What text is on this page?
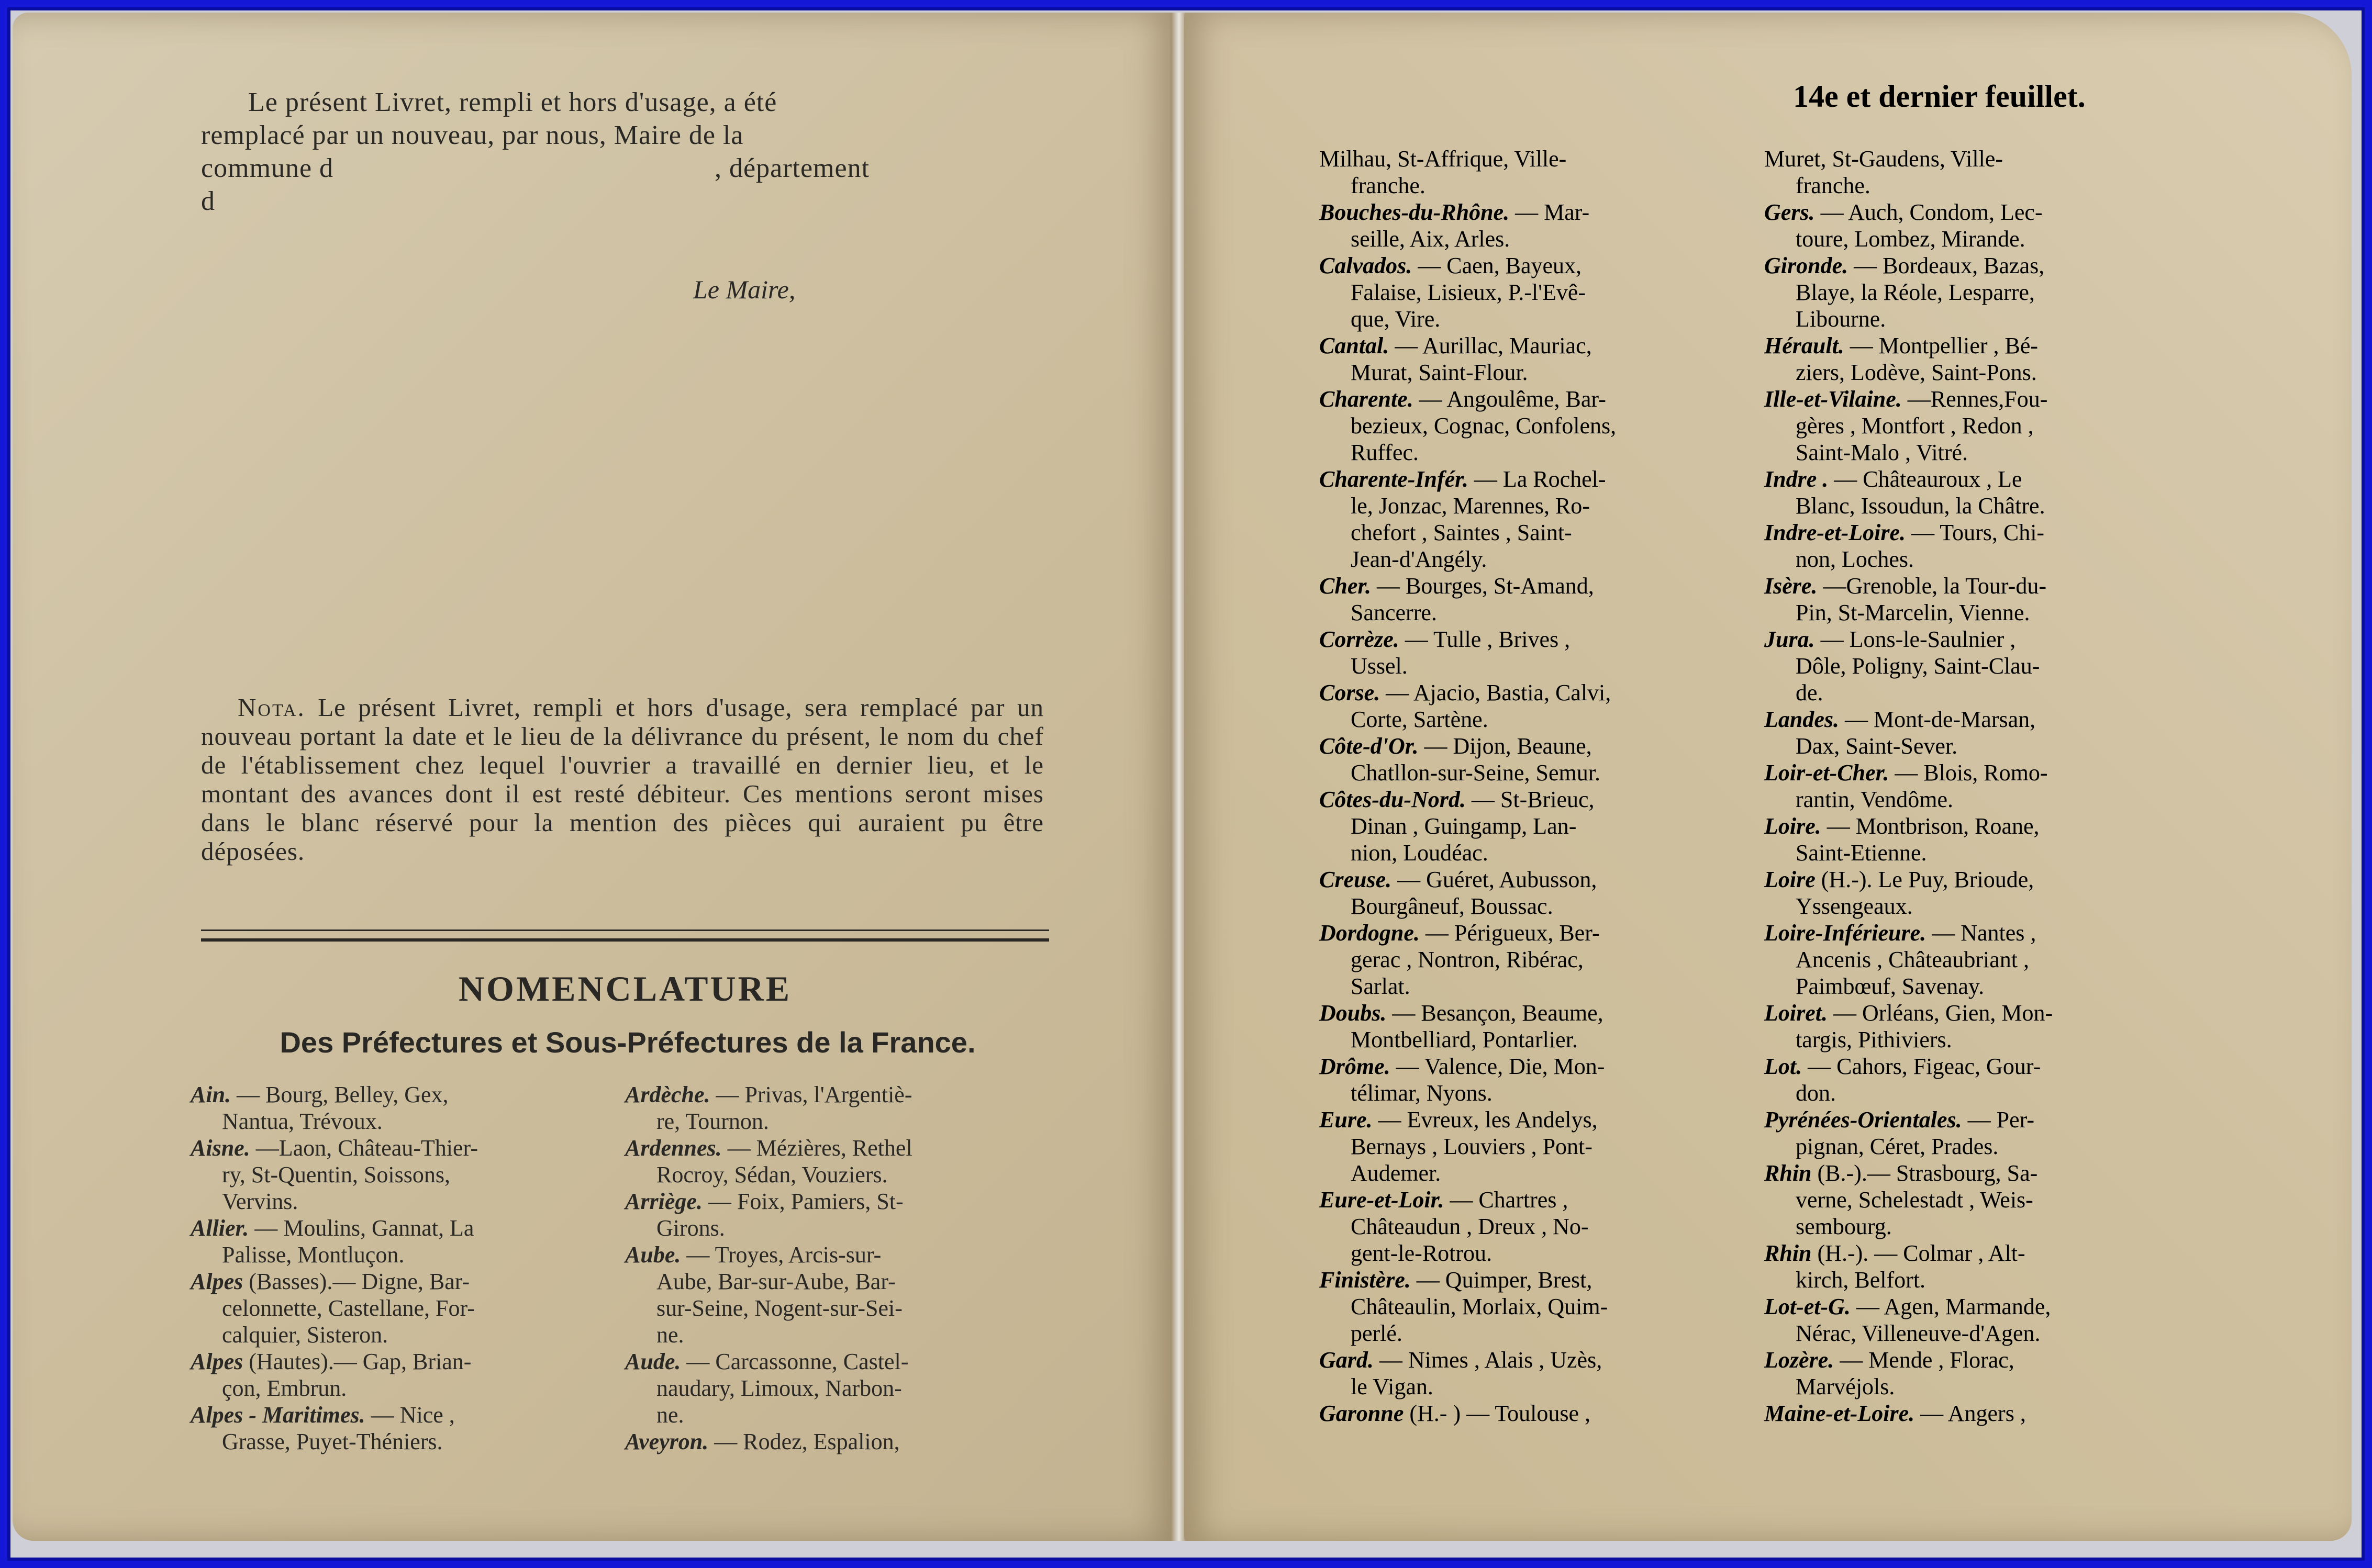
Le présent Livret, rempli et hors d'usage, a été
remplacé par un nouveau, par nous, Maire de la
commune d                                                    , département
d
Le Maire,
Nota. Le présent Livret, rempli et hors d'usage, sera remplacé par un nouveau portant la date et le lieu de la délivrance du présent, le nom du chef de l'établissement chez lequel l'ouvrier a travaillé en dernier lieu, et le montant des avances dont il est resté débiteur. Ces mentions seront mises dans le blanc réservé pour la mention des pièces qui auraient pu être déposées.
NOMENCLATURE
Des Préfectures et Sous-Préfectures de la France.
Ain. — Bourg, Belley, Gex,
Nantua, Trévoux.
Aisne. —Laon, Château-Thier-
ry, St-Quentin, Soissons,
Vervins.
Allier. — Moulins, Gannat, La
Palisse, Montluçon.
Alpes (Basses).— Digne, Bar-
celonnette, Castellane, For-
calquier, Sisteron.
Alpes (Hautes).— Gap, Brian-
çon, Embrun.
Alpes - Maritimes. — Nice ,
Grasse, Puyet-Théniers.
Ardèche. — Privas, l'Argentiè-
re, Tournon.
Ardennes. — Mézières, Rethel
Rocroy, Sédan, Vouziers.
Arriège. — Foix, Pamiers, St-
Girons.
Aube. — Troyes, Arcis-sur-
Aube, Bar-sur-Aube, Bar-
sur-Seine, Nogent-sur-Sei-
ne.
Aude. — Carcassonne, Castel-
naudary, Limoux, Narbon-
ne.
Aveyron. — Rodez, Espalion,
14e et dernier feuillet.
Milhau, St-Affrique, Ville-
franche.
Bouches-du-Rhône. — Mar-
seille, Aix, Arles.
Calvados. — Caen, Bayeux,
Falaise, Lisieux, P.-l'Evê-
que, Vire.
Cantal. — Aurillac, Mauriac,
Murat, Saint-Flour.
Charente. — Angoulême, Bar-
bezieux, Cognac, Confolens,
Ruffec.
Charente-Infér. — La Rochel-
le, Jonzac, Marennes, Ro-
chefort , Saintes , Saint-
Jean-d'Angély.
Cher. — Bourges, St-Amand,
Sancerre.
Corrèze. — Tulle , Brives ,
Ussel.
Corse. — Ajacio, Bastia, Calvi,
Corte, Sartène.
Côte-d'Or. — Dijon, Beaune,
Chatllon-sur-Seine, Semur.
Côtes-du-Nord. — St-Brieuc,
Dinan , Guingamp, Lan-
nion, Loudéac.
Creuse. — Guéret, Aubusson,
Bourgâneuf, Boussac.
Dordogne. — Périgueux, Ber-
gerac , Nontron, Ribérac,
Sarlat.
Doubs. — Besançon, Beaume,
Montbelliard, Pontarlier.
Drôme. — Valence, Die, Mon-
télimar, Nyons.
Eure. — Evreux, les Andelys,
Bernays , Louviers , Pont-
Audemer.
Eure-et-Loir. — Chartres ,
Châteaudun , Dreux , No-
gent-le-Rotrou.
Finistère. — Quimper, Brest,
Châteaulin, Morlaix, Quim-
perlé.
Gard. — Nimes , Alais , Uzès,
le Vigan.
Garonne (H.- ) — Toulouse ,
Muret, St-Gaudens, Ville-
franche.
Gers. — Auch, Condom, Lec-
toure, Lombez, Mirande.
Gironde. — Bordeaux, Bazas,
Blaye, la Réole, Lesparre,
Libourne.
Hérault. — Montpellier , Bé-
ziers, Lodève, Saint-Pons.
Ille-et-Vilaine. —Rennes,Fou-
gères , Montfort , Redon ,
Saint-Malo , Vitré.
Indre . — Châteauroux , Le
Blanc, Issoudun, la Châtre.
Indre-et-Loire. — Tours, Chi-
non, Loches.
Isère. —Grenoble, la Tour-du-
Pin, St-Marcelin, Vienne.
Jura. — Lons-le-Saulnier ,
Dôle, Poligny, Saint-Clau-
de.
Landes. — Mont-de-Marsan,
Dax, Saint-Sever.
Loir-et-Cher. — Blois, Romo-
rantin, Vendôme.
Loire. — Montbrison, Roane,
Saint-Etienne.
Loire (H.-). Le Puy, Brioude,
Yssengeaux.
Loire-Inférieure. — Nantes ,
Ancenis , Châteaubriant ,
Paimbœuf, Savenay.
Loiret. — Orléans, Gien, Mon-
targis, Pithiviers.
Lot. — Cahors, Figeac, Gour-
don.
Pyrénées-Orientales. — Per-
pignan, Céret, Prades.
Rhin (B.-).— Strasbourg, Sa-
verne, Schelestadt , Weis-
sembourg.
Rhin (H.-). — Colmar , Alt-
kirch, Belfort.
Lot-et-G. — Agen, Marmande,
Nérac, Villeneuve-d'Agen.
Lozère. — Mende , Florac,
Marvéjols.
Maine-et-Loire. — Angers ,
